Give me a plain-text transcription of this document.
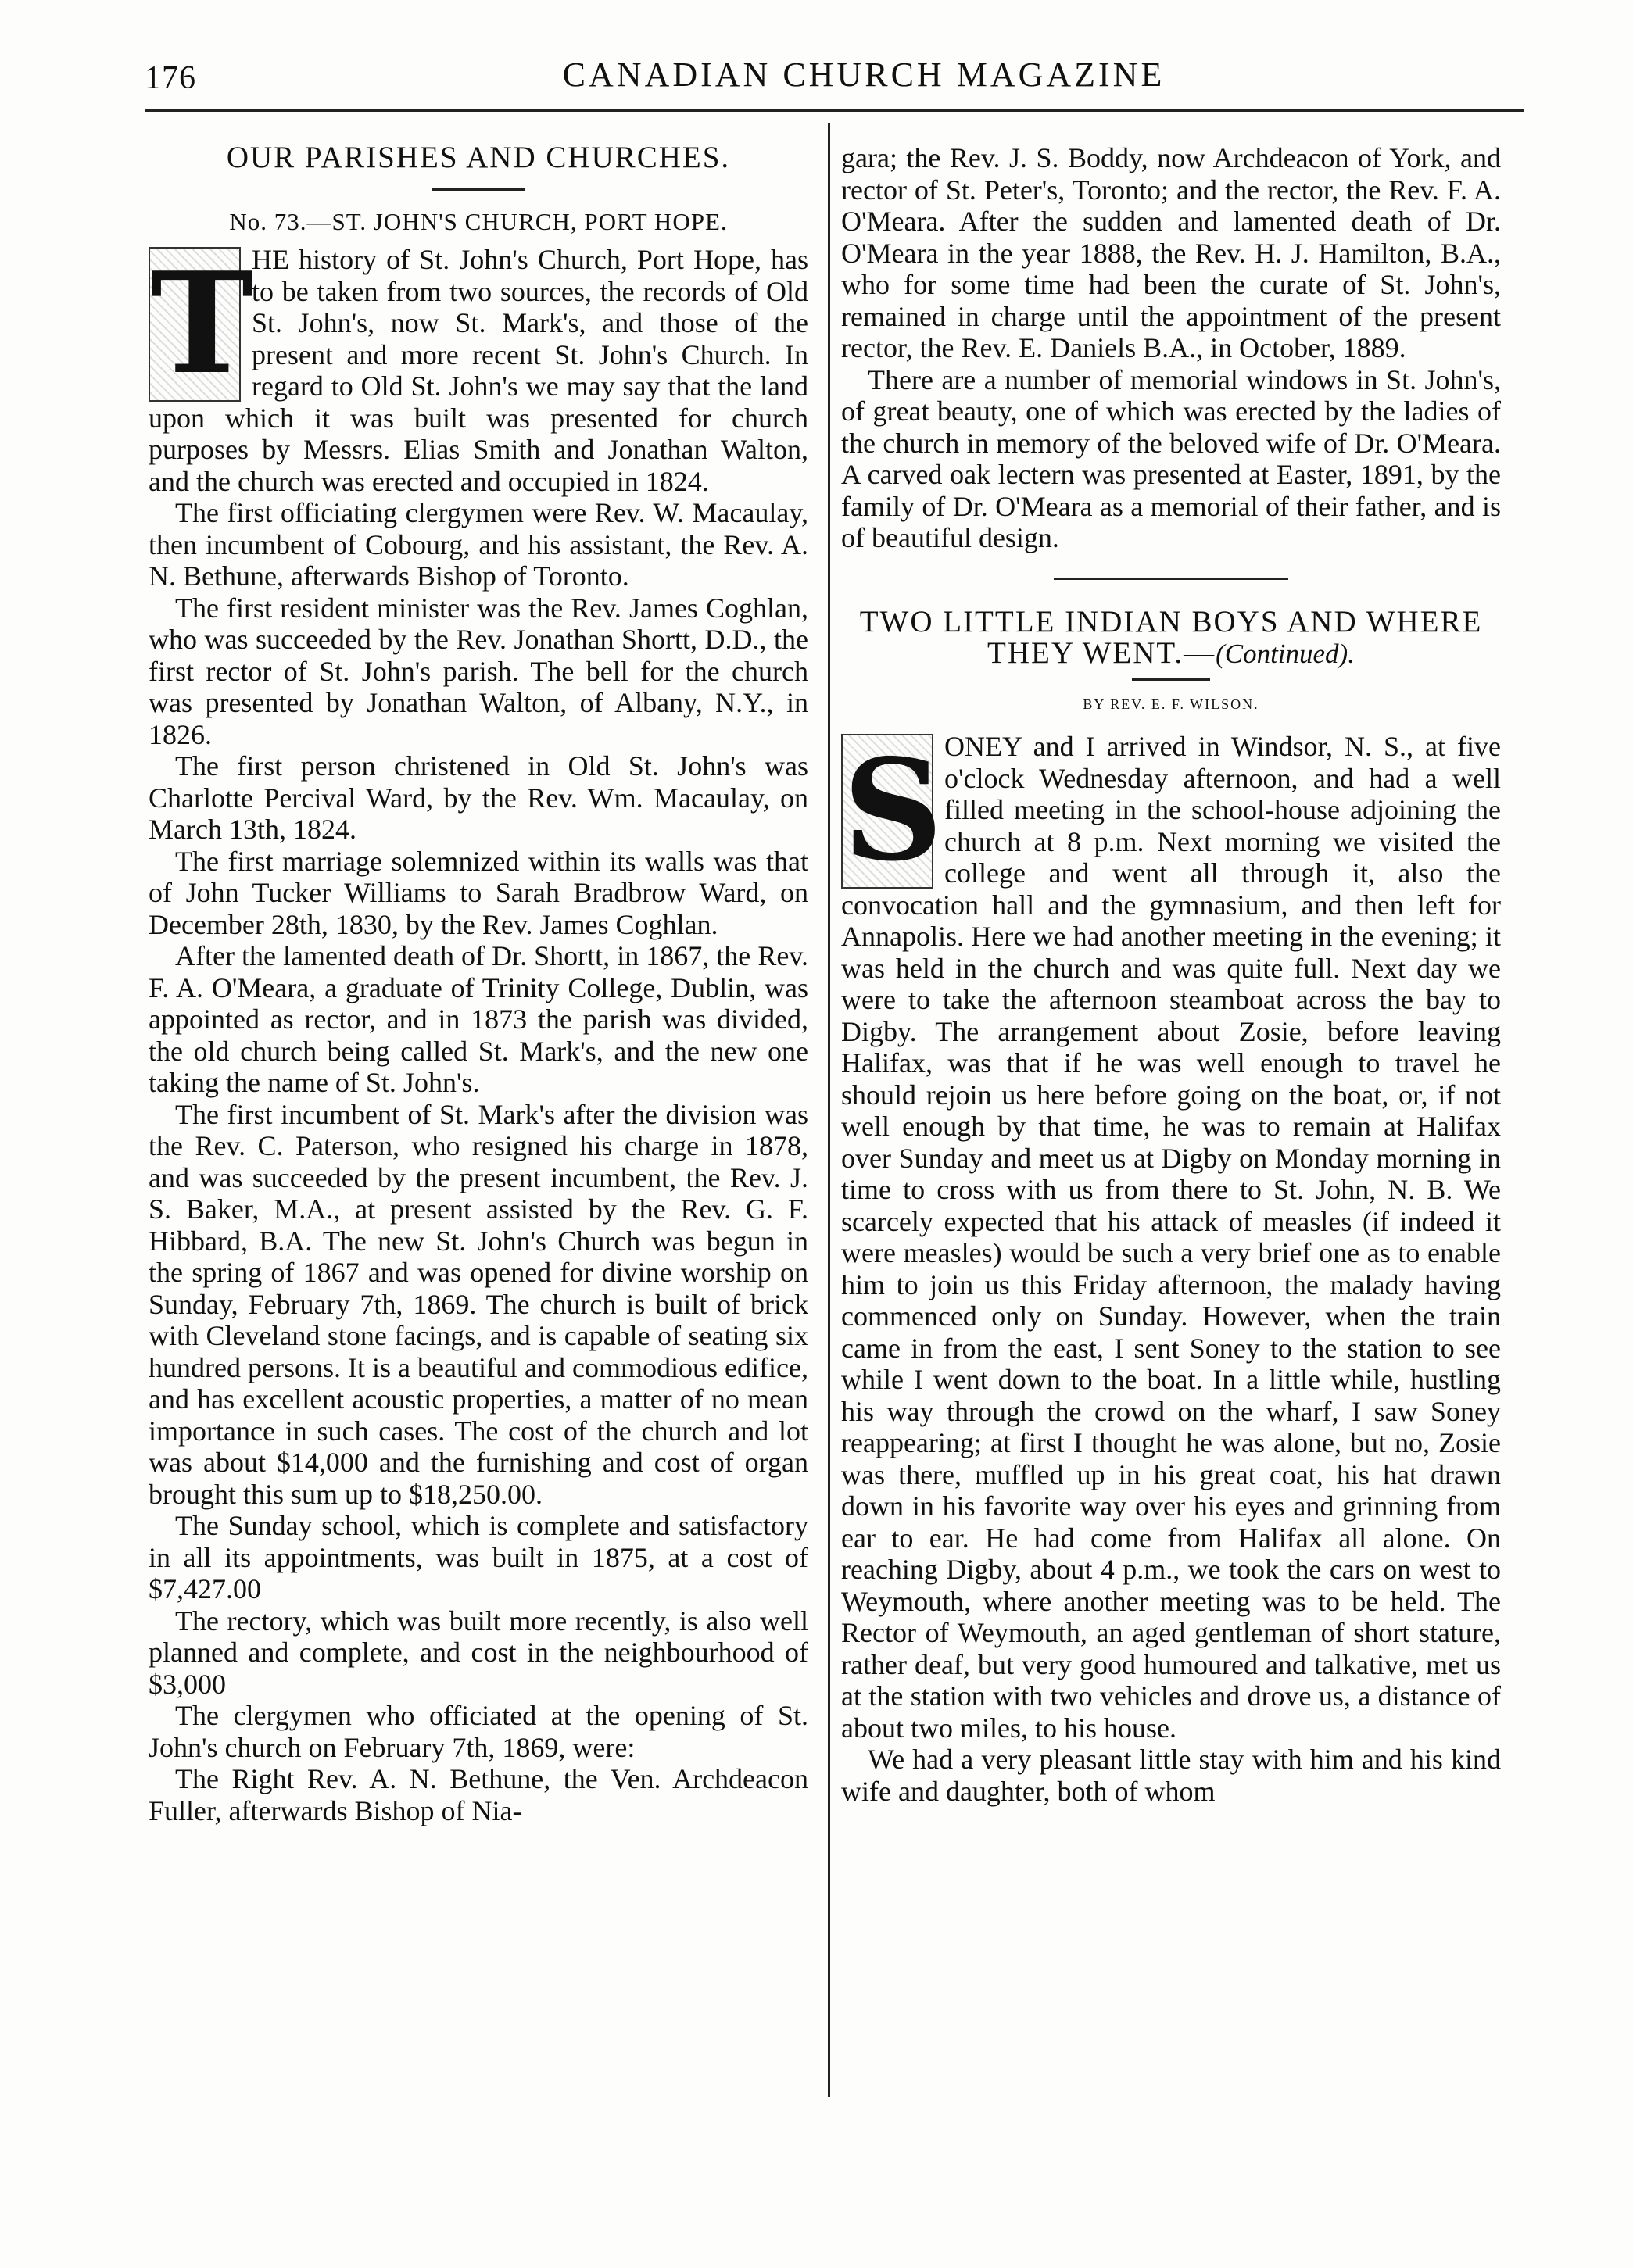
176	CANADIAN CHURCH MAGAZINE
OUR PARISHES AND CHURCHES.
No. 73.—ST. JOHN'S CHURCH, PORT HOPE.

T
HE history of St. John's Church, Port Hope, has to be taken from two sources, the records of Old St. John's, now St. Mark's, and those of the present and more recent St. John's Church. In regard to Old St. John's we may say that the land upon which it was built was presented for church purposes by Messrs. Elias Smith and Jonathan Walton, and the church was erected and occupied in 1824.

The first officiating clergymen were Rev. W. Macaulay, then incumbent of Cobourg, and his assistant, the Rev. A. N. Bethune, afterwards Bishop of Toronto.

The first resident minister was the Rev. James Coghlan, who was succeeded by the Rev. Jonathan Shortt, D.D., the first rector of St. John's parish. The bell for the church was presented by Jonathan Walton, of Albany, N.Y., in 1826.

The first person christened in Old St. John's was Charlotte Percival Ward, by the Rev. Wm. Macaulay, on March 13th, 1824.

The first marriage solemnized within its walls was that of John Tucker Williams to Sarah Bradbrow Ward, on December 28th, 1830, by the Rev. James Coghlan.

After the lamented death of Dr. Shortt, in 1867, the Rev. F. A. O'Meara, a graduate of Trinity College, Dublin, was appointed as rector, and in 1873 the parish was divided, the old church being called St. Mark's, and the new one taking the name of St. John's.

The first incumbent of St. Mark's after the division was the Rev. C. Paterson, who resigned his charge in 1878, and was succeeded by the present incumbent, the Rev. J. S. Baker, M.A., at present assisted by the Rev. G. F. Hibbard, B.A. The new St. John's Church was begun in the spring of 1867 and was opened for divine worship on Sunday, February 7th, 1869. The church is built of brick with Cleveland stone facings, and is capable of seating six hundred persons. It is a beautiful and commodious edifice, and has excellent acoustic properties, a matter of no mean importance in such cases. The cost of the church and lot was about $14,000 and the furnishing and cost of organ brought this sum up to $18,250.00.

The Sunday school, which is complete and satisfactory in all its appointments, was built in 1875, at a cost of $7,427.00

The rectory, which was built more recently, is also well planned and complete, and cost in the neighbourhood of $3,000

The clergymen who officiated at the opening of St. John's church on February 7th, 1869, were:

The Right Rev. A. N. Bethune, the Ven. Archdeacon Fuller, afterwards Bishop of Nia-

gara; the Rev. J. S. Boddy, now Archdeacon of York, and rector of St. Peter's, Toronto; and the rector, the Rev. F. A. O'Meara. After the sudden and lamented death of Dr. O'Meara in the year 1888, the Rev. H. J. Hamilton, B.A., who for some time had been the curate of St. John's, remained in charge until the appointment of the present rector, the Rev. E. Daniels B.A., in October, 1889.

There are a number of memorial windows in St. John's, of great beauty, one of which was erected by the ladies of the church in memory of the beloved wife of Dr. O'Meara. A carved oak lectern was presented at Easter, 1891, by the family of Dr. O'Meara as a memorial of their father, and is of beautiful design.

TWO LITTLE INDIAN BOYS AND WHERE THEY WENT.—(Continued).
BY REV. E. F. WILSON.

S ONEY and I arrived in Windsor, N. S., at five o'clock Wednesday afternoon, and had a well filled meeting in the school-house adjoining the church at 8 p.m. Next morning we visited the college and went all through it, also the convocation hall and the gymnasium, and then left for Annapolis. Here we had another meeting in the evening; it was held in the church and was quite full. Next day we were to take the afternoon steamboat across the bay to Digby. The arrangement about Zosie, before leaving Halifax, was that if he was well enough to travel he should rejoin us here before going on the boat, or, if not well enough by that time, he was to remain at Halifax over Sunday and meet us at Digby on Monday morning in time to cross with us from there to St. John, N. B. We scarcely expected that his attack of measles (if indeed it were measles) would be such a very brief one as to enable him to join us this Friday afternoon, the malady having commenced only on Sunday. However, when the train came in from the east, I sent Soney to the station to see while I went down to the boat. In a little while, hustling his way through the crowd on the wharf, I saw Soney reappearing; at first I thought he was alone, but no, Zosie was there, muffled up in his great coat, his hat drawn down in his favorite way over his eyes and grinning from ear to ear. He had come from Halifax all alone. On reaching Digby, about 4 p.m., we took the cars on west to Weymouth, where another meeting was to be held. The Rector of Weymouth, an aged gentleman of short stature, rather deaf, but very good humoured and talkative, met us at the station with two vehicles and drove us, a distance of about two miles, to his house.

We had a very pleasant little stay with him and his kind wife and daughter, both of whom
